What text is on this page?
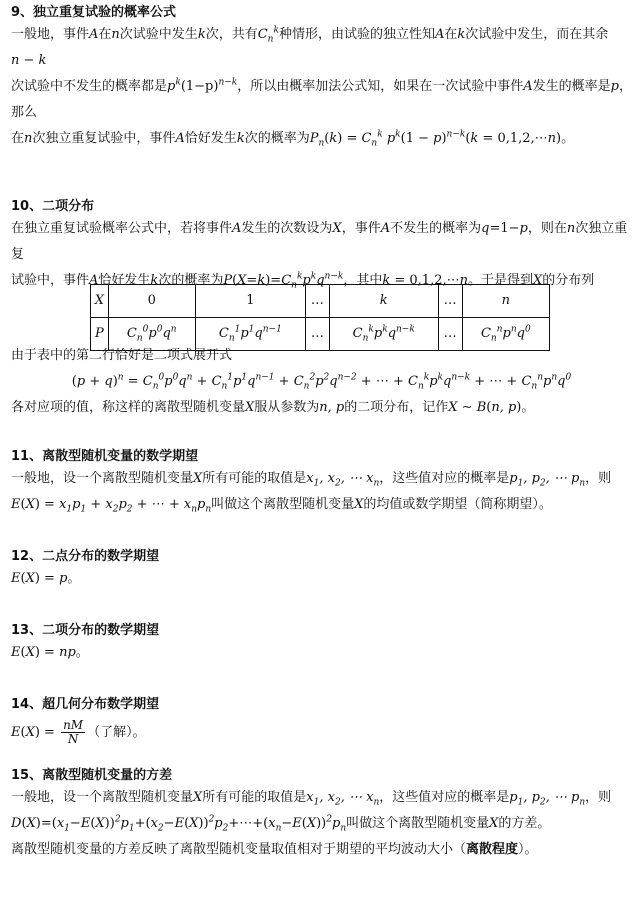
9、独立重复试验的概率公式

一般地，事件A在n次试验中发生k次，共有$C_n^k$种情形，由试验的独立性知A在k次试验中发生，而在其余n − k

次试验中不发生的概率都是$p^k(1-p)^{n-k}$，所以由概率加法公式知，如果在一次试验中事件A发生的概率是p，那么

在n次独立重复试验中，事件A恰好发生k次的概率为$P_n(k) = C_n^k$ $p^k(1 - p)^{n-k}(k$ = 0,1,2,⋯n)。

10、二项分布

在独立重复试验概率公式中，若将事件A发生的次数设为X，事件A不发生的概率为q=1−p，则在n次独立重复

试验中，事件A恰好发生k次的概率为$P(X=k)=C_n^kp^kq^{n-k}$，其中k = 0,1,2,⋯n。于是得到X的分布列

X	0	1	…	k	…	n
P	$C_n^0p^0q^n$	$C_n^1p^1q^{n-1}$	…	$C_n^kp^kq^{n-k}$	…	$C_n^np^nq^0$

由于表中的第二行恰好是二项式展开式

$(p + q)^n = C_n^0p^0q^n + C_n^1p^1q^{n-1} + C_n^2p^2q^{n-2}$ + ⋯ + $C_n^kp^kq^{n-k}$ + ⋯ + $C_n^np^nq^0$

各对应项的值，称这样的离散型随机变量X服从参数为n, p的二项分布，记作X ∼ B(n, p)。

11、离散型随机变量的数学期望

一般地，设一个离散型随机变量X所有可能的取值是$x_1$, $x_2$, ⋯ $x_n$，这些值对应的概率是$p_1$, $p_2$, ⋯ $p_n$，则

$E(X) = x_1p_1 + x_2p_2$ + ⋯ + $x_np_n$叫做这个离散型随机变量X的均值或数学期望（简称期望）。

12、二点分布的数学期望

E(X) = p。

13、二项分布的数学期望

E(X) = np。

14、超几何分布数学期望

$E(X) = \frac{nM}{N}$ （了解）。

15、离散型随机变量的方差

一般地，设一个离散型随机变量X所有可能的取值是$x_1$, $x_2$, ⋯ $x_n$，这些值对应的概率是$p_1$, $p_2$, ⋯ $p_n$，则

$D(X)=(x_1-E(X))^2p_1+(x_2-E(X))^2p_2+\cdots+(x_n-E(X))^2p_n$叫做这个离散型随机变量X的方差。

离散型随机变量的方差反映了离散型随机变量取值相对于期望的平均波动大小（离散程度）。
